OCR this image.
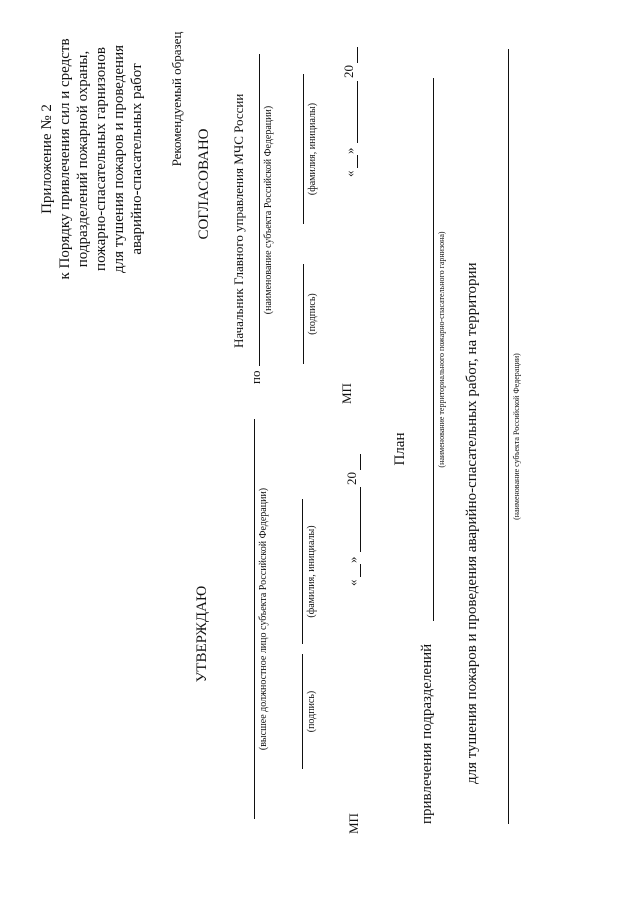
Приложение № 2 к Порядку привлечения сил и средств подразделений пожарной охраны, пожарно-спасательных гарнизонов для тушения пожаров и проведения аварийно-спасательных работ Рекомендуемый образец
УТВЕРЖДАЮ	(высшее должностное лицо субъекта Российской Федерации)	(подпись)
(фамилия, инициалы)
МП
«
»
20
СОГЛАСОВАНО Начальник Главного управления МЧС России
по
(наименование субъекта Российской Федерации)	(подпись)
(фамилия, инициалы)
МП
«
»
20
План
привлечения подразделений
(наименование территориального пожарно-спасательного гарнизона) для тушения пожаров и проведения аварийно-спасательных работ, на территории	(наименование субъекта Российской Федерации)
